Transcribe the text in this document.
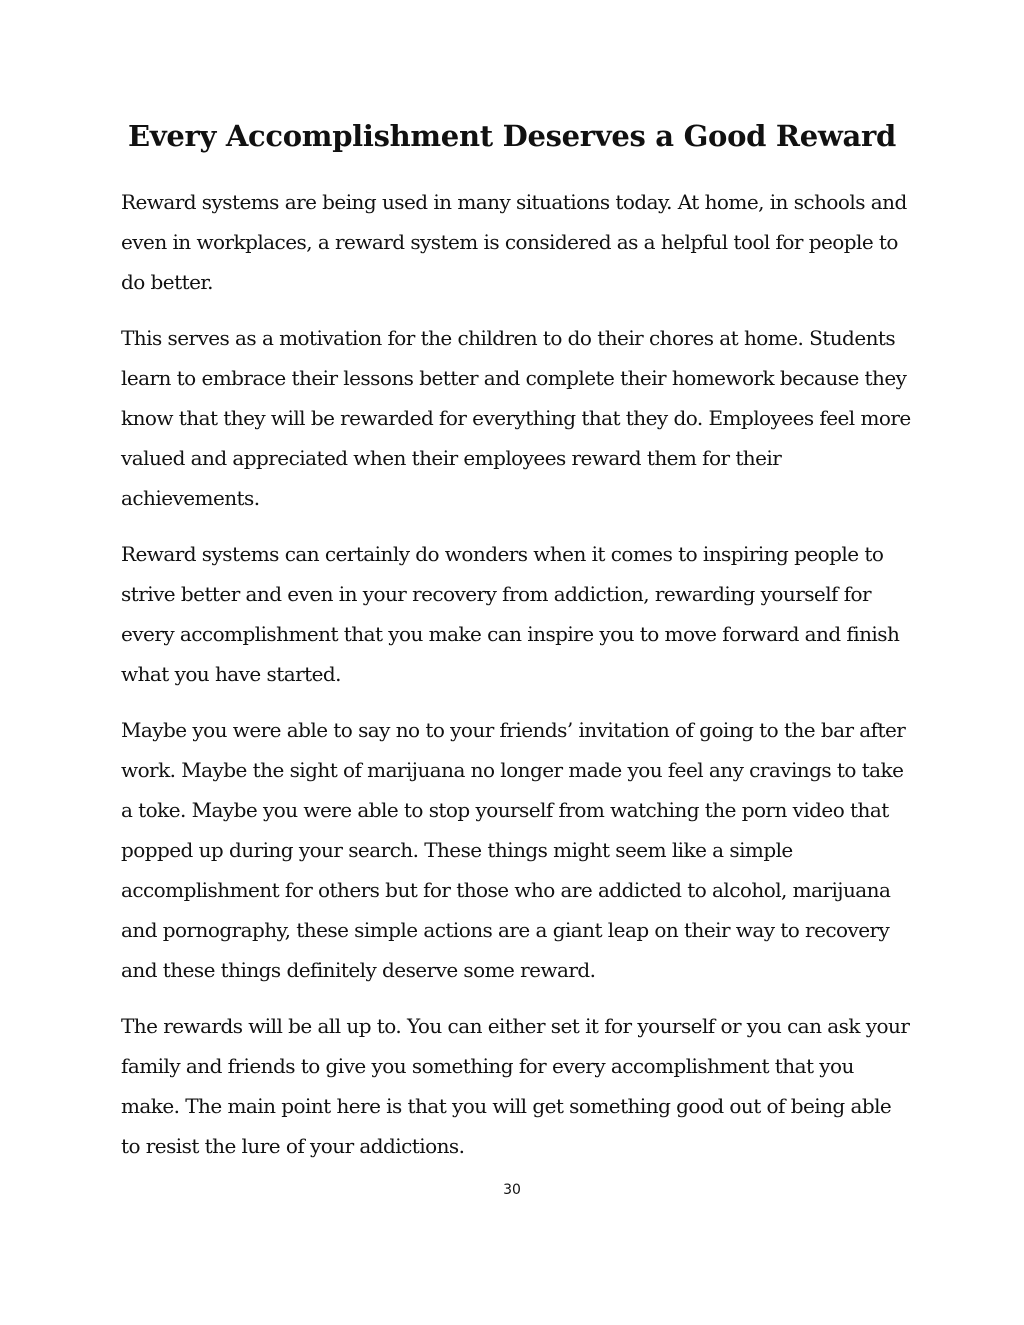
Every Accomplishment Deserves a Good Reward

Reward systems are being used in many situations today. At home, in schools and even in workplaces, a reward system is considered as a helpful tool for people to do better.

This serves as a motivation for the children to do their chores at home. Students learn to embrace their lessons better and complete their homework because they know that they will be rewarded for everything that they do. Employees feel more valued and appreciated when their employees reward them for their achievements.

Reward systems can certainly do wonders when it comes to inspiring people to strive better and even in your recovery from addiction, rewarding yourself for every accomplishment that you make can inspire you to move forward and finish what you have started.

Maybe you were able to say no to your friends’ invitation of going to the bar after work. Maybe the sight of marijuana no longer made you feel any cravings to take a toke. Maybe you were able to stop yourself from watching the porn video that popped up during your search. These things might seem like a simple accomplishment for others but for those who are addicted to alcohol, marijuana and pornography, these simple actions are a giant leap on their way to recovery and these things definitely deserve some reward.

The rewards will be all up to. You can either set it for yourself or you can ask your family and friends to give you something for every accomplishment that you make. The main point here is that you will get something good out of being able to resist the lure of your addictions.

30
